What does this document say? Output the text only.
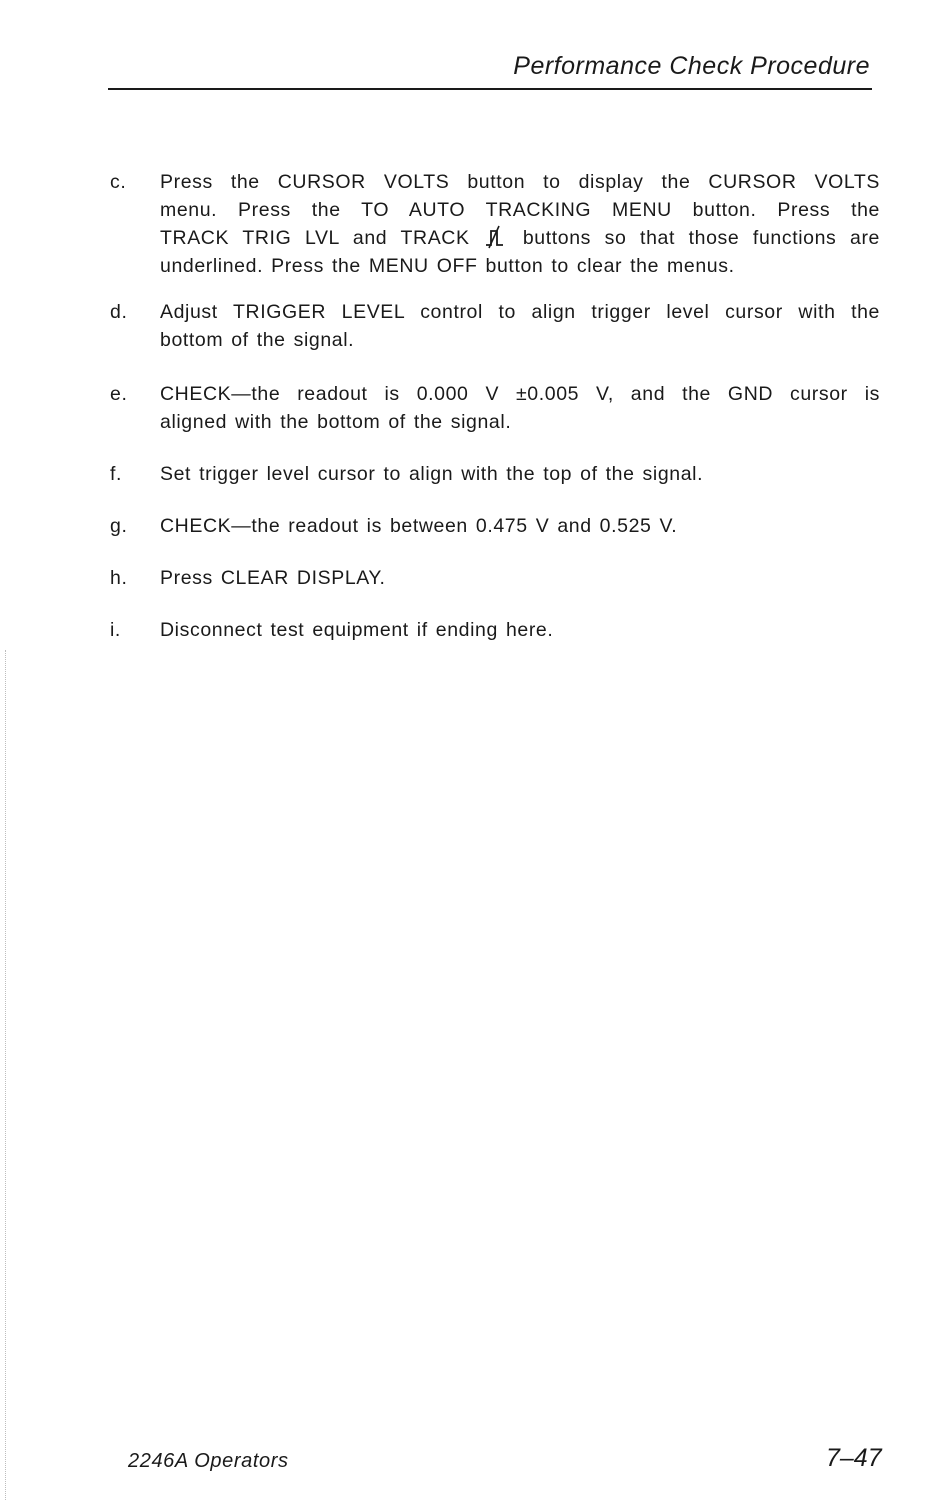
Performance Check Procedure
c.	Press the CURSOR VOLTS button to display the CURSOR VOLTS
menu. Press the TO AUTO TRACKING MENU button. Press the
TRACK TRIG LVL and TRACK	buttons so that those functions are
underlined. Press the MENU OFF button to clear the menus.
d.	Adjust TRIGGER LEVEL control to align trigger level cursor with the
bottom of the signal.
e.	CHECK—the readout is 0.000 V ±0.005 V, and the GND cursor is
aligned with the bottom of the signal.
f.	Set trigger level cursor to align with the top of the signal.
g.	CHECK—the readout is between 0.475 V and 0.525 V.
h.	Press CLEAR DISPLAY.
i.	Disconnect test equipment if ending here.
2246A Operators	7–47
